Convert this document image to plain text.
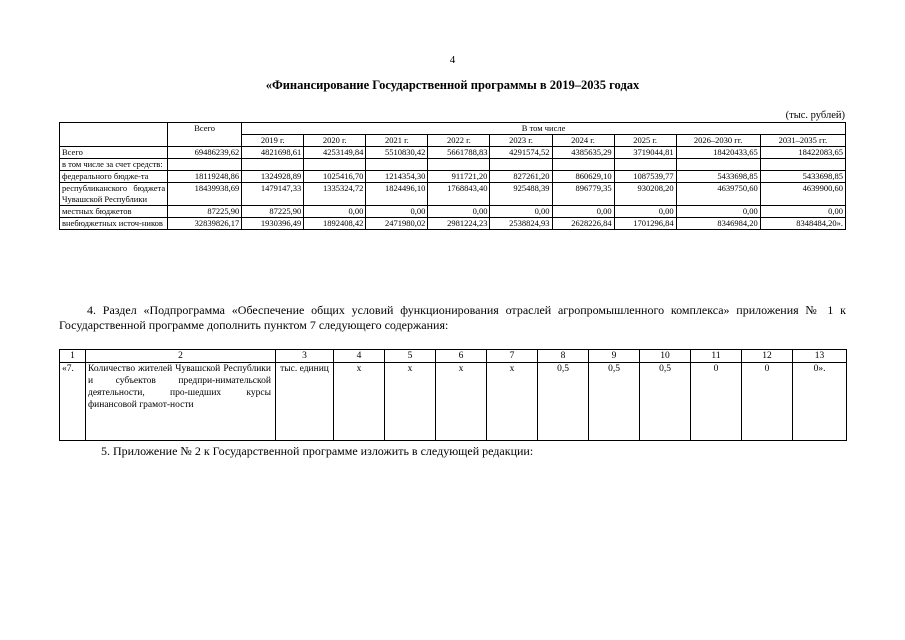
4
«Финансирование Государственной программы в 2019–2035 годах
(тыс. рублей)
	Всего	В том числе								
		2019 г.	2020 г.	2021 г.	2022 г.	2023 г.	2024 г.	2025 г.	2026–2030 гг.	2031–2035 гг.
Всего	69486239,62	4821698,61	4253149,84	5510830,42	5661788,83	4291574,52	4385635,29	3719044,81	18420433,65	18422083,65
в том числе за счет средств:										
федерального бюдже-та	18119248,86	1324928,89	1025416,70	1214354,30	911721,20	827261,20	860629,10	1087539,77	5433698,85	5433698,85
республиканского бюджета Чувашской Республики	18439938,69	1479147,33	1335324,72	1824496,10	1768843,40	925488,39	896779,35	930208,20	4639750,60	4639900,60
местных бюджетов	87225,90	87225,90	0,00	0,00	0,00	0,00	0,00	0,00	0,00	0,00
внебюджетных источ-ников	32839826,17	1930396,49	1892408,42	2471980,02	2981224,23	2538824,93	2628226,84	1701296,84	8346984,20	8348484,20».

4. Раздел «Подпрограмма «Обеспечение общих условий функционирования отраслей агропромышленного комплекса» приложения № 1 к Государственной программе дополнить пунктом 7 следующего содержания:

1	2	3	4	5	6	7	8	9	10	11	12	13
«7.	Количество жителей Чувашской Республики и субъектов предпри-нимательской деятельности, про-шедших курсы финансовой грамот-ности	тыс. единиц	x	x	x	x	0,5	0,5	0,5	0	0	0».

5. Приложение № 2 к Государственной программе изложить в следующей редакции:
